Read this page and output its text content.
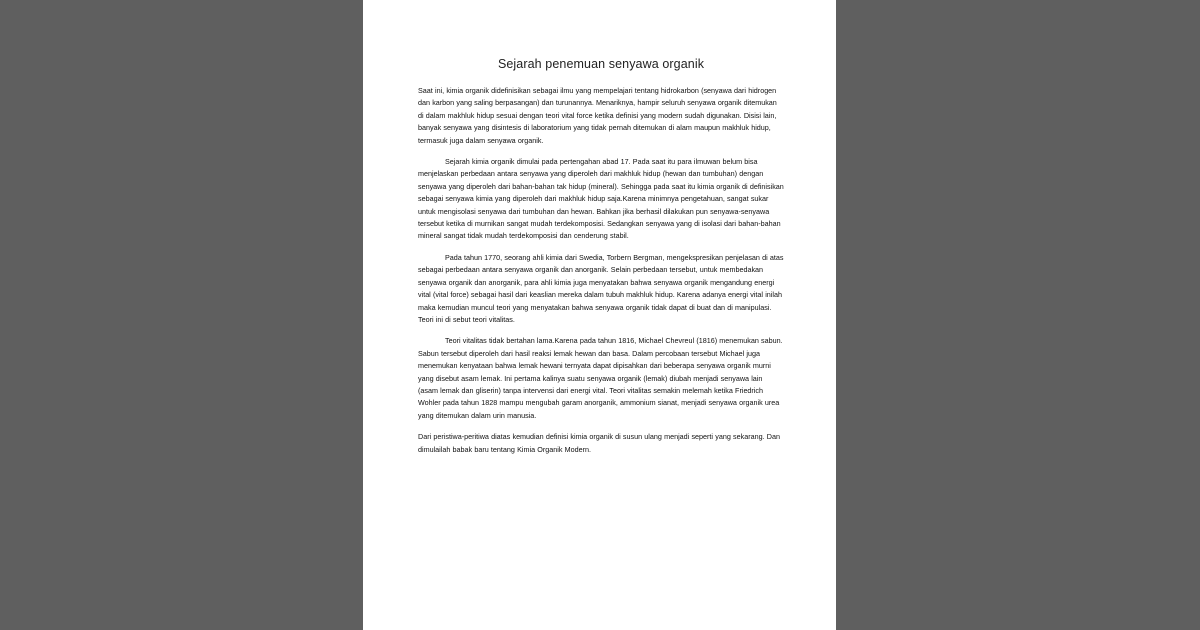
Sejarah penemuan senyawa organik

Saat ini, kimia organik didefinisikan sebagai ilmu yang mempelajari tentang hidrokarbon (senyawa dari hidrogen dan karbon yang saling berpasangan) dan turunannya. Menariknya, hampir seluruh senyawa organik ditemukan di dalam makhluk hidup sesuai dengan teori vital force ketika definisi yang modern sudah digunakan. Disisi lain, banyak senyawa yang disintesis di laboratorium yang tidak pernah ditemukan di alam maupun makhluk hidup, termasuk juga dalam senyawa organik.

Sejarah kimia organik dimulai pada pertengahan abad 17. Pada saat itu para ilmuwan belum bisa menjelaskan perbedaan antara senyawa yang diperoleh dari makhluk hidup (hewan dan tumbuhan) dengan senyawa yang diperoleh dari bahan-bahan tak hidup (mineral). Sehingga pada saat itu kimia organik di definisikan sebagai senyawa kimia yang diperoleh dari makhluk hidup saja.Karena minimnya pengetahuan, sangat sukar untuk mengisolasi senyawa dari tumbuhan dan hewan. Bahkan jika berhasil dilakukan pun senyawa-senyawa tersebut ketika di murnikan sangat mudah terdekomposisi. Sedangkan senyawa yang di isolasi dari bahan-bahan mineral sangat tidak mudah terdekomposisi dan cenderung stabil.

Pada tahun 1770, seorang ahli kimia dari Swedia, Torbern Bergman, mengekspresikan penjelasan di atas sebagai perbedaan antara senyawa organik dan anorganik. Selain perbedaan tersebut, untuk membedakan senyawa organik dan anorganik, para ahli kimia juga menyatakan bahwa senyawa organik mengandung energi vital (vital force) sebagai hasil dari keaslian mereka dalam tubuh makhluk hidup. Karena adanya energi vital inilah maka kemudian muncul teori yang menyatakan bahwa senyawa organik tidak dapat di buat dan di manipulasi. Teori ini di sebut teori vitalitas.

Teori vitalitas tidak bertahan lama.Karena pada tahun 1816, Michael Chevreul (1816) menemukan sabun. Sabun tersebut diperoleh dari hasil reaksi lemak hewan dan basa. Dalam percobaan tersebut Michael juga menemukan kenyataan bahwa lemak hewani ternyata dapat dipisahkan dari beberapa senyawa organik murni yang disebut asam lemak. Ini pertama kalinya suatu senyawa organik (lemak) diubah menjadi senyawa lain (asam lemak dan gliserin) tanpa intervensi dari energi vital. Teori vitalitas semakin melemah ketika Friedrich Wohler pada tahun 1828 mampu mengubah garam anorganik, ammonium sianat, menjadi senyawa organik urea yang ditemukan dalam urin manusia.

Dari peristiwa-peritiwa diatas kemudian definisi kimia organik di susun ulang menjadi seperti yang sekarang. Dan dimulailah babak baru tentang Kimia Organik Modern.
